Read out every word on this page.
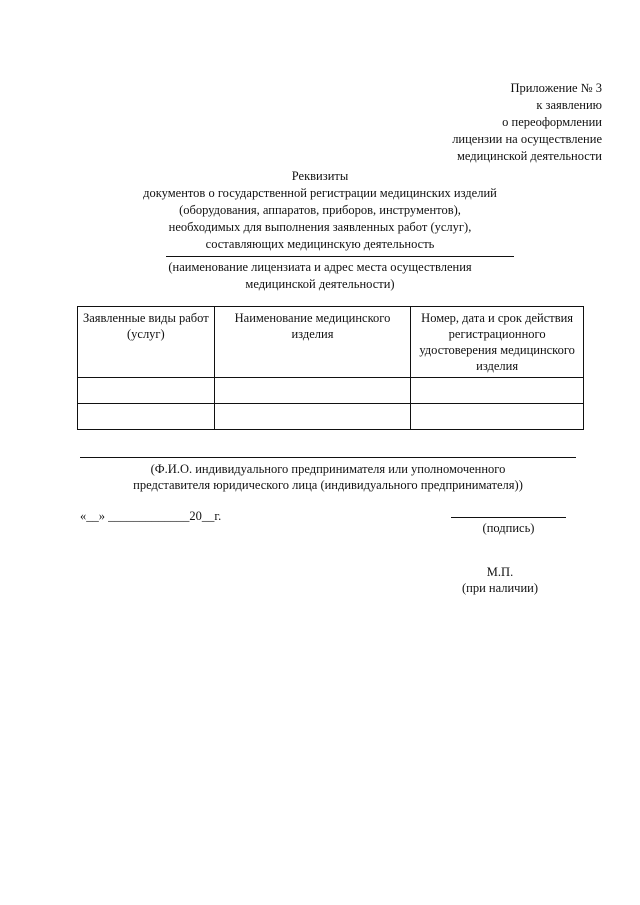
Приложение № 3
к заявлению
о переоформлении
лицензии на осуществление
медицинской деятельности
Реквизиты
документов о государственной регистрации медицинских изделий
(оборудования, аппаратов, приборов, инструментов),
необходимых для выполнения заявленных работ (услуг),
составляющих медицинскую деятельность
(наименование лицензиата и адрес места осуществления
медицинской деятельности)
Заявленные виды работ (услуг)	Наименование медицинского изделия	Номер, дата и срок действия регистрационного удостоверения медицинского изделия

(Ф.И.О. индивидуального предпринимателя или уполномоченного
представителя юридического лица (индивидуального предпринимателя))
«__» _____________20__г.
(подпись)
М.П.
(при наличии)
